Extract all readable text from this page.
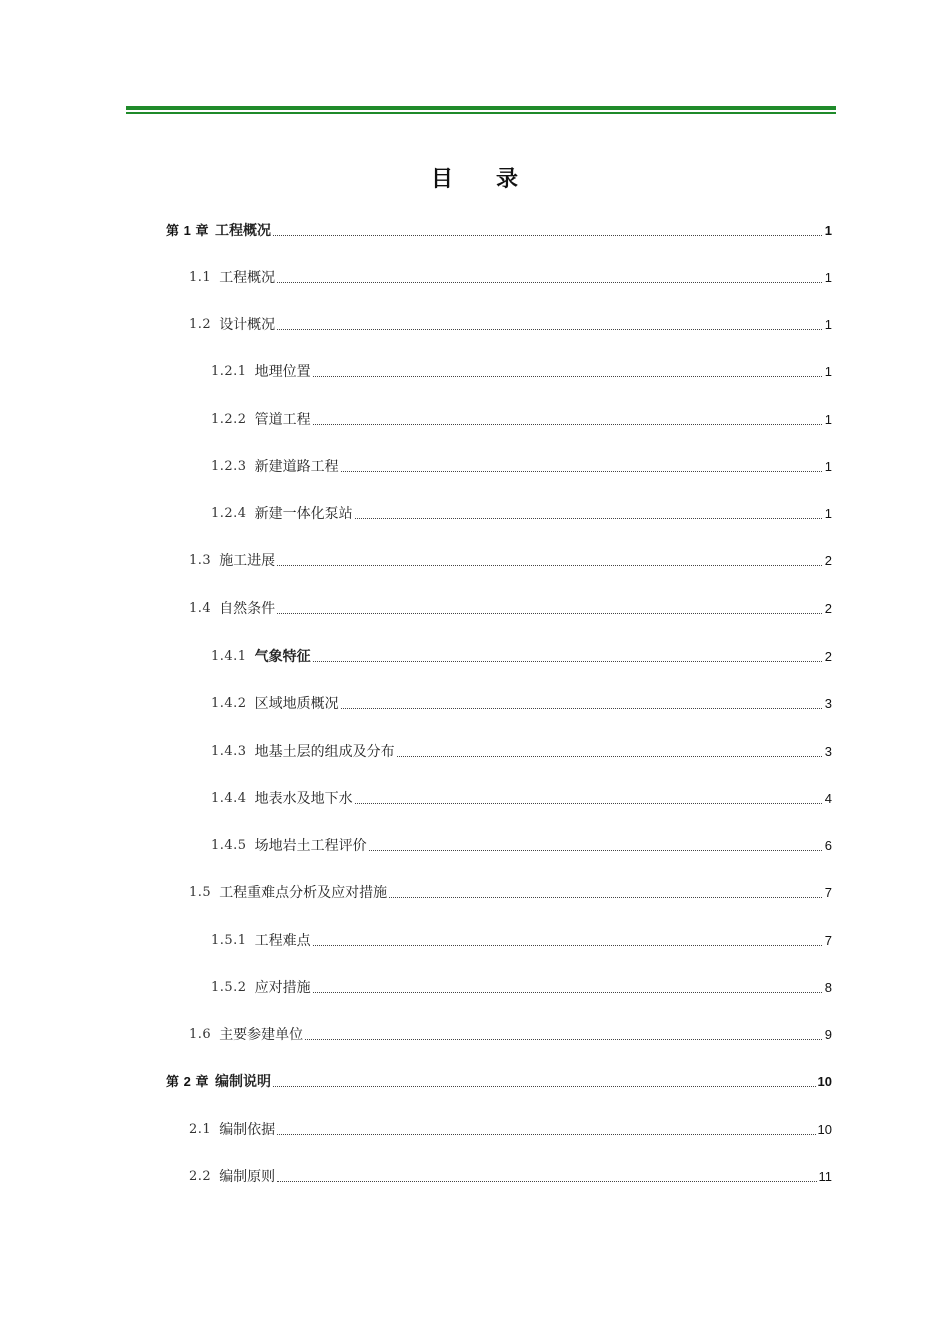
目 录
第 1 章 工程概况	1
1.1 工程概况	1
1.2 设计概况	1
1.2.1 地理位置	1
1.2.2 管道工程	1
1.2.3 新建道路工程	1
1.2.4 新建一体化泵站	1
1.3 施工进展	2
1.4 自然条件	2
1.4.1 气象特征	2
1.4.2 区域地质概况	3
1.4.3 地基土层的组成及分布	3
1.4.4 地表水及地下水	4
1.4.5 场地岩土工程评价	6
1.5 工程重难点分析及应对措施	7
1.5.1 工程难点	7
1.5.2 应对措施	8
1.6 主要参建单位	9
第 2 章 编制说明	10
2.1 编制依据	10
2.2 编制原则	11
